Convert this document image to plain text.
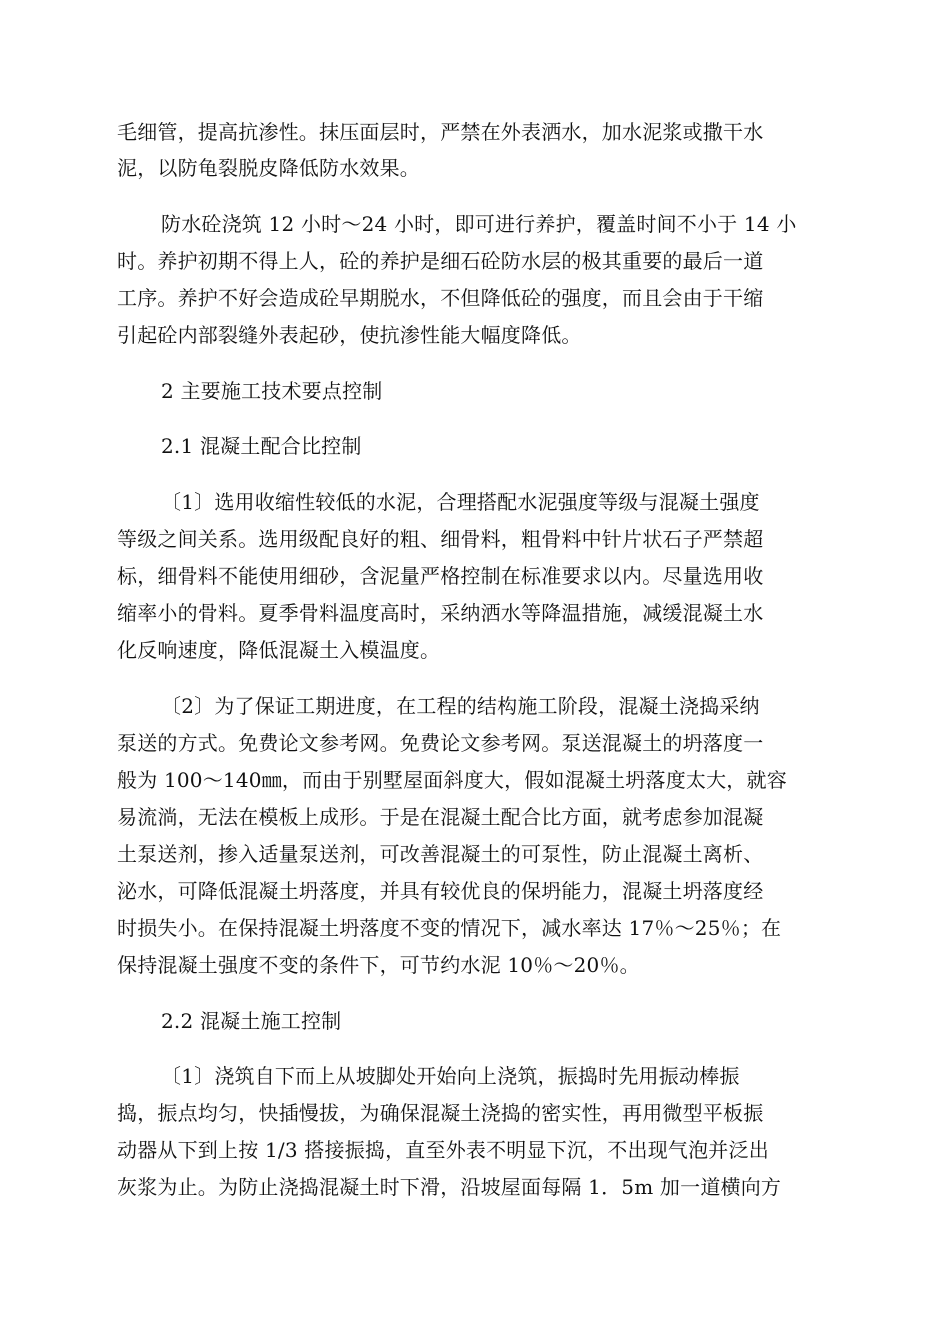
毛细管，提高抗渗性。抹压面层时，严禁在外表洒水，加水泥浆或撒干水
泥，以防龟裂脱皮降低防水效果。
防水砼浇筑 12 小时～24 小时，即可进行养护，覆盖时间不小于 14 小
时。养护初期不得上人，砼的养护是细石砼防水层的极其重要的最后一道
工序。养护不好会造成砼早期脱水，不但降低砼的强度，而且会由于干缩
引起砼内部裂缝外表起砂，使抗渗性能大幅度降低。
2 主要施工技术要点控制
2.1 混凝土配合比控制
〔1〕选用收缩性较低的水泥，合理搭配水泥强度等级与混凝土强度
等级之间关系。选用级配良好的粗、细骨料，粗骨料中针片状石子严禁超
标，细骨料不能使用细砂，含泥量严格控制在标准要求以内。尽量选用收
缩率小的骨料。夏季骨料温度高时，采纳洒水等降温措施，减缓混凝土水
化反响速度，降低混凝土入模温度。
〔2〕为了保证工期进度，在工程的结构施工阶段，混凝土浇捣采纳
泵送的方式。免费论文参考网。免费论文参考网。泵送混凝土的坍落度一
般为 100～140㎜，而由于别墅屋面斜度大，假如混凝土坍落度太大，就容
易流淌，无法在模板上成形。于是在混凝土配合比方面，就考虑参加混凝
土泵送剂，掺入适量泵送剂，可改善混凝土的可泵性，防止混凝土离析、
泌水，可降低混凝土坍落度，并具有较优良的保坍能力，混凝土坍落度经
时损失小。在保持混凝土坍落度不变的情况下，减水率达 17％～25％；在
保持混凝土强度不变的条件下，可节约水泥 10％～20％。
2.2 混凝土施工控制
〔1〕浇筑自下而上从坡脚处开始向上浇筑，振捣时先用振动棒振
捣，振点均匀，快插慢拔，为确保混凝土浇捣的密实性，再用微型平板振
动器从下到上按 1/3 搭接振捣，直至外表不明显下沉，不出现气泡并泛出
灰浆为止。为防止浇捣混凝土时下滑，沿坡屋面每隔 1．5m 加一道横向方
